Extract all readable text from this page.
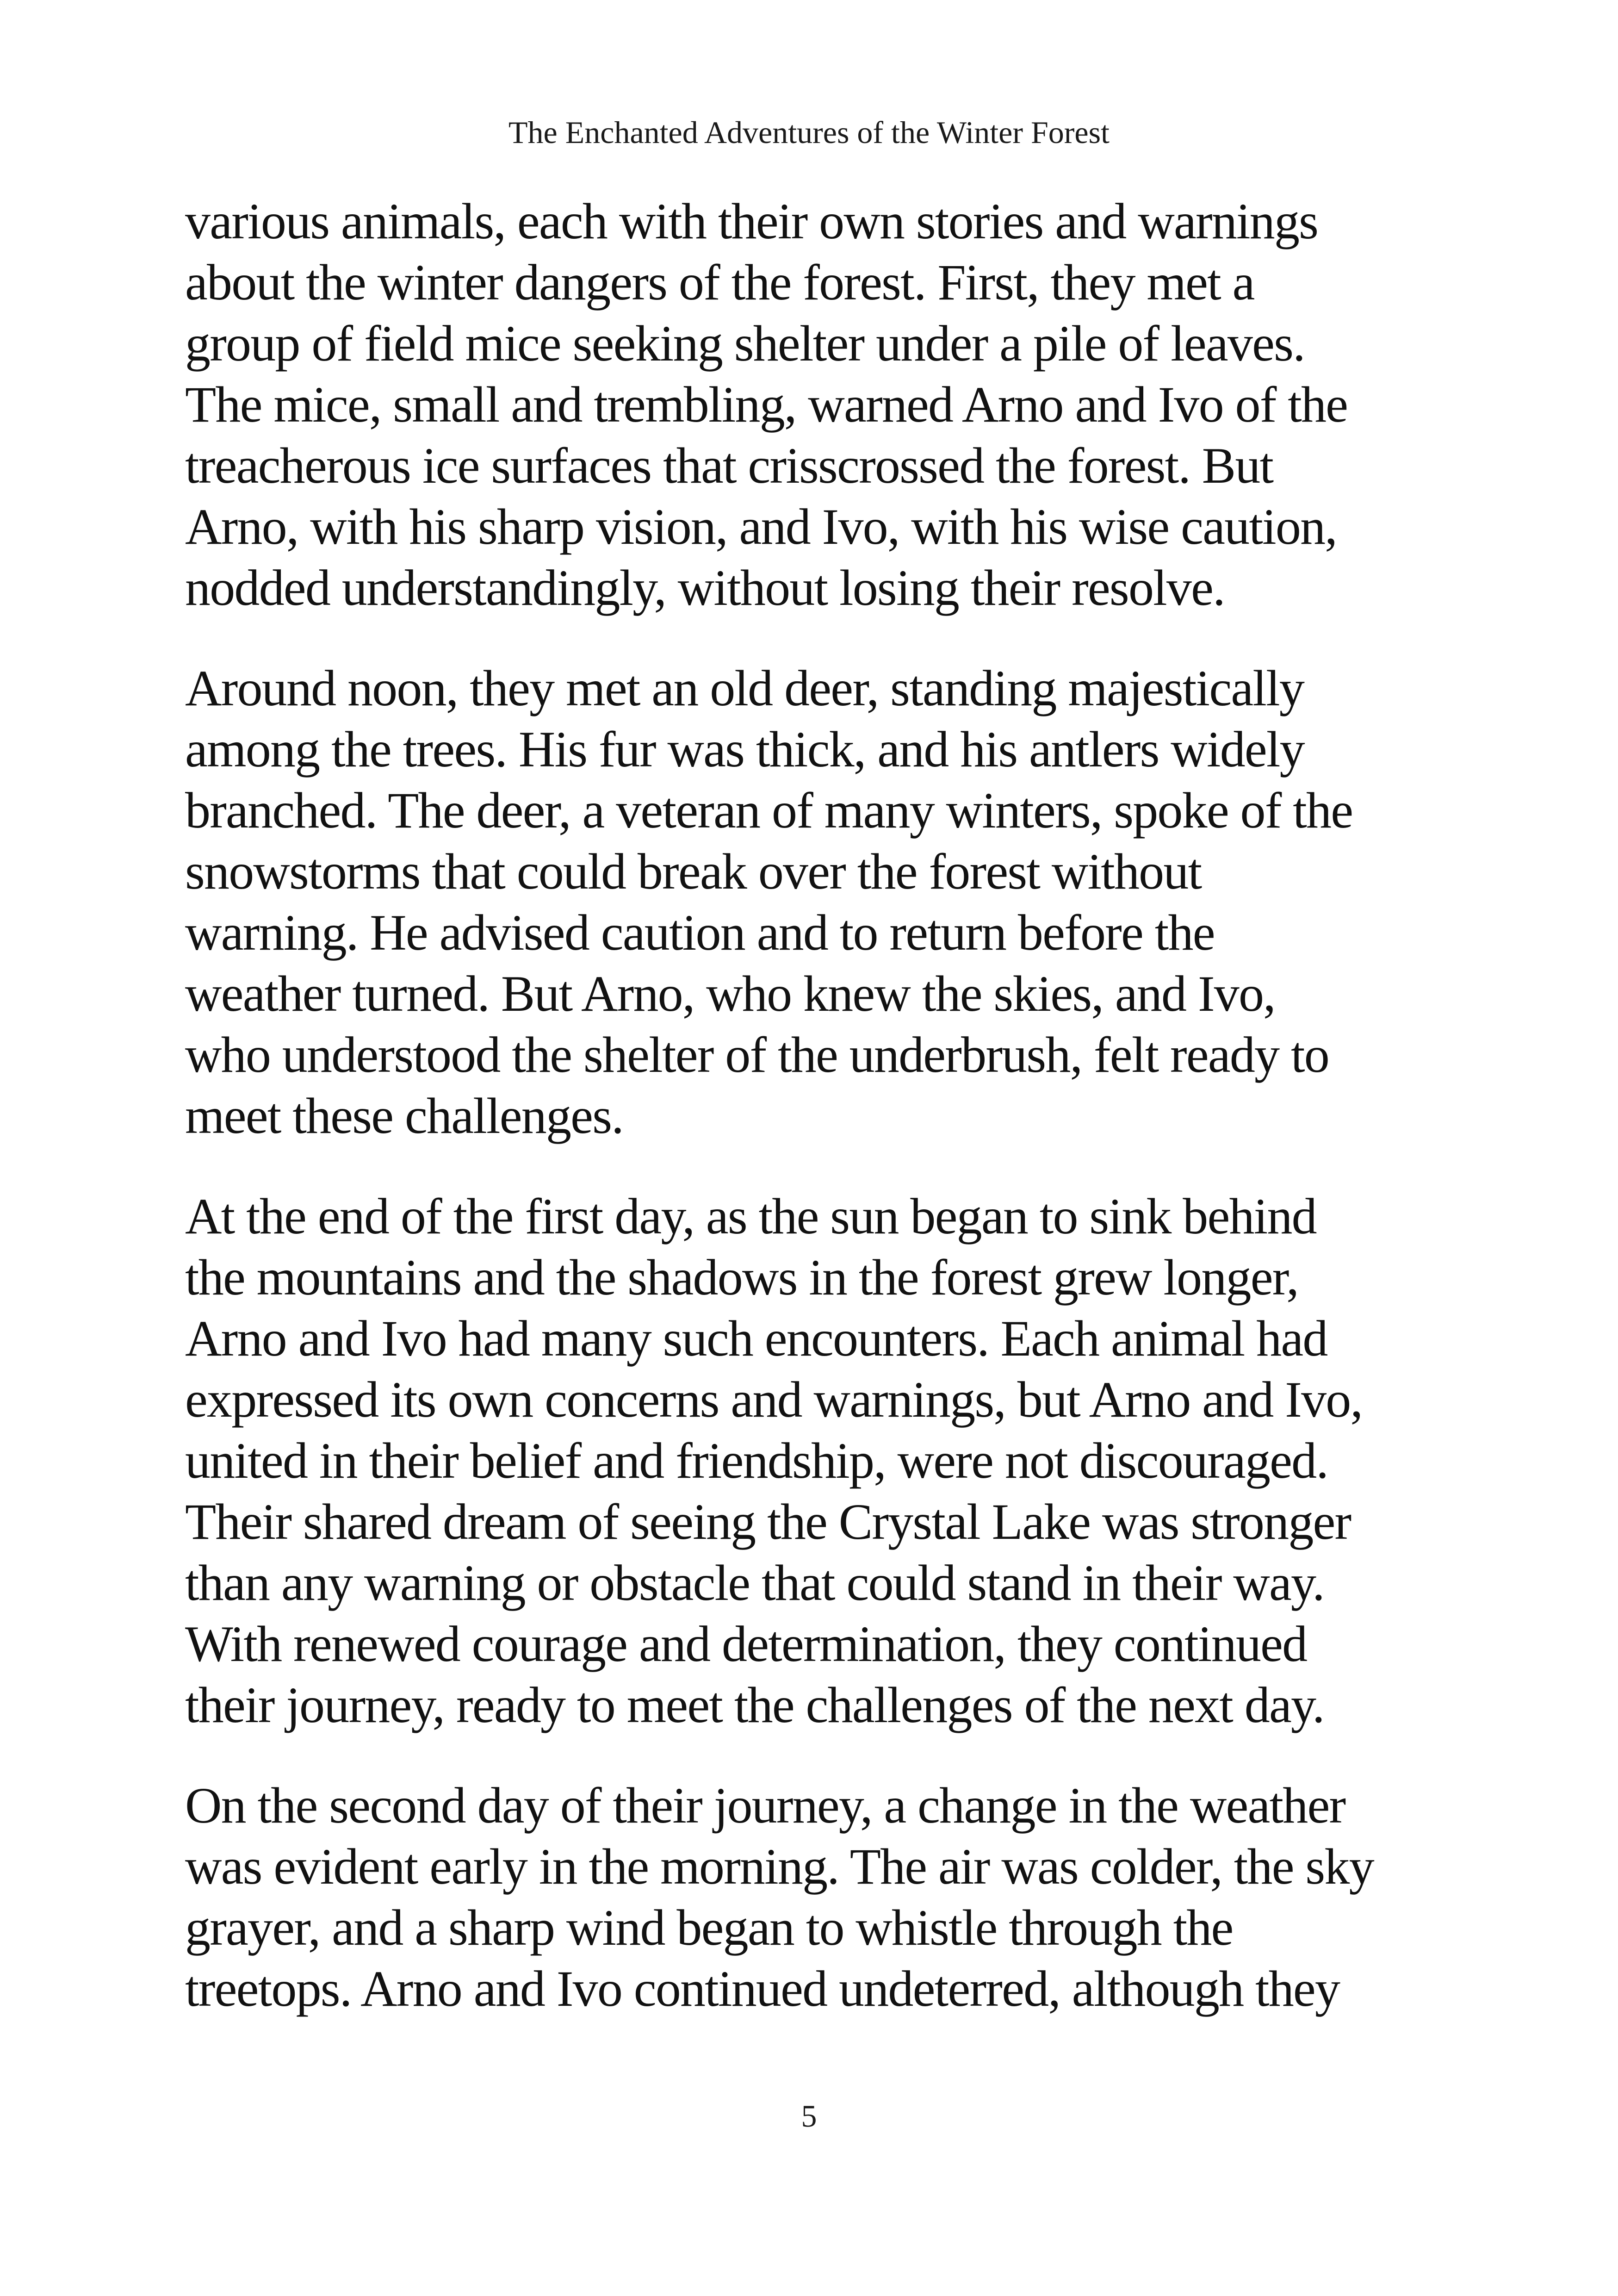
The Enchanted Adventures of the Winter Forest

various animals, each with their own stories and warnings
about the winter dangers of the forest. First, they met a
group of field mice seeking shelter under a pile of leaves.
The mice, small and trembling, warned Arno and Ivo of the
treacherous ice surfaces that crisscrossed the forest. But
Arno, with his sharp vision, and Ivo, with his wise caution,
nodded understandingly, without losing their resolve.

Around noon, they met an old deer, standing majestically
among the trees. His fur was thick, and his antlers widely
branched. The deer, a veteran of many winters, spoke of the
snowstorms that could break over the forest without
warning. He advised caution and to return before the
weather turned. But Arno, who knew the skies, and Ivo,
who understood the shelter of the underbrush, felt ready to
meet these challenges.

At the end of the first day, as the sun began to sink behind
the mountains and the shadows in the forest grew longer,
Arno and Ivo had many such encounters. Each animal had
expressed its own concerns and warnings, but Arno and Ivo,
united in their belief and friendship, were not discouraged.
Their shared dream of seeing the Crystal Lake was stronger
than any warning or obstacle that could stand in their way.
With renewed courage and determination, they continued
their journey, ready to meet the challenges of the next day.

On the second day of their journey, a change in the weather
was evident early in the morning. The air was colder, the sky
grayer, and a sharp wind began to whistle through the
treetops. Arno and Ivo continued undeterred, although they

5
